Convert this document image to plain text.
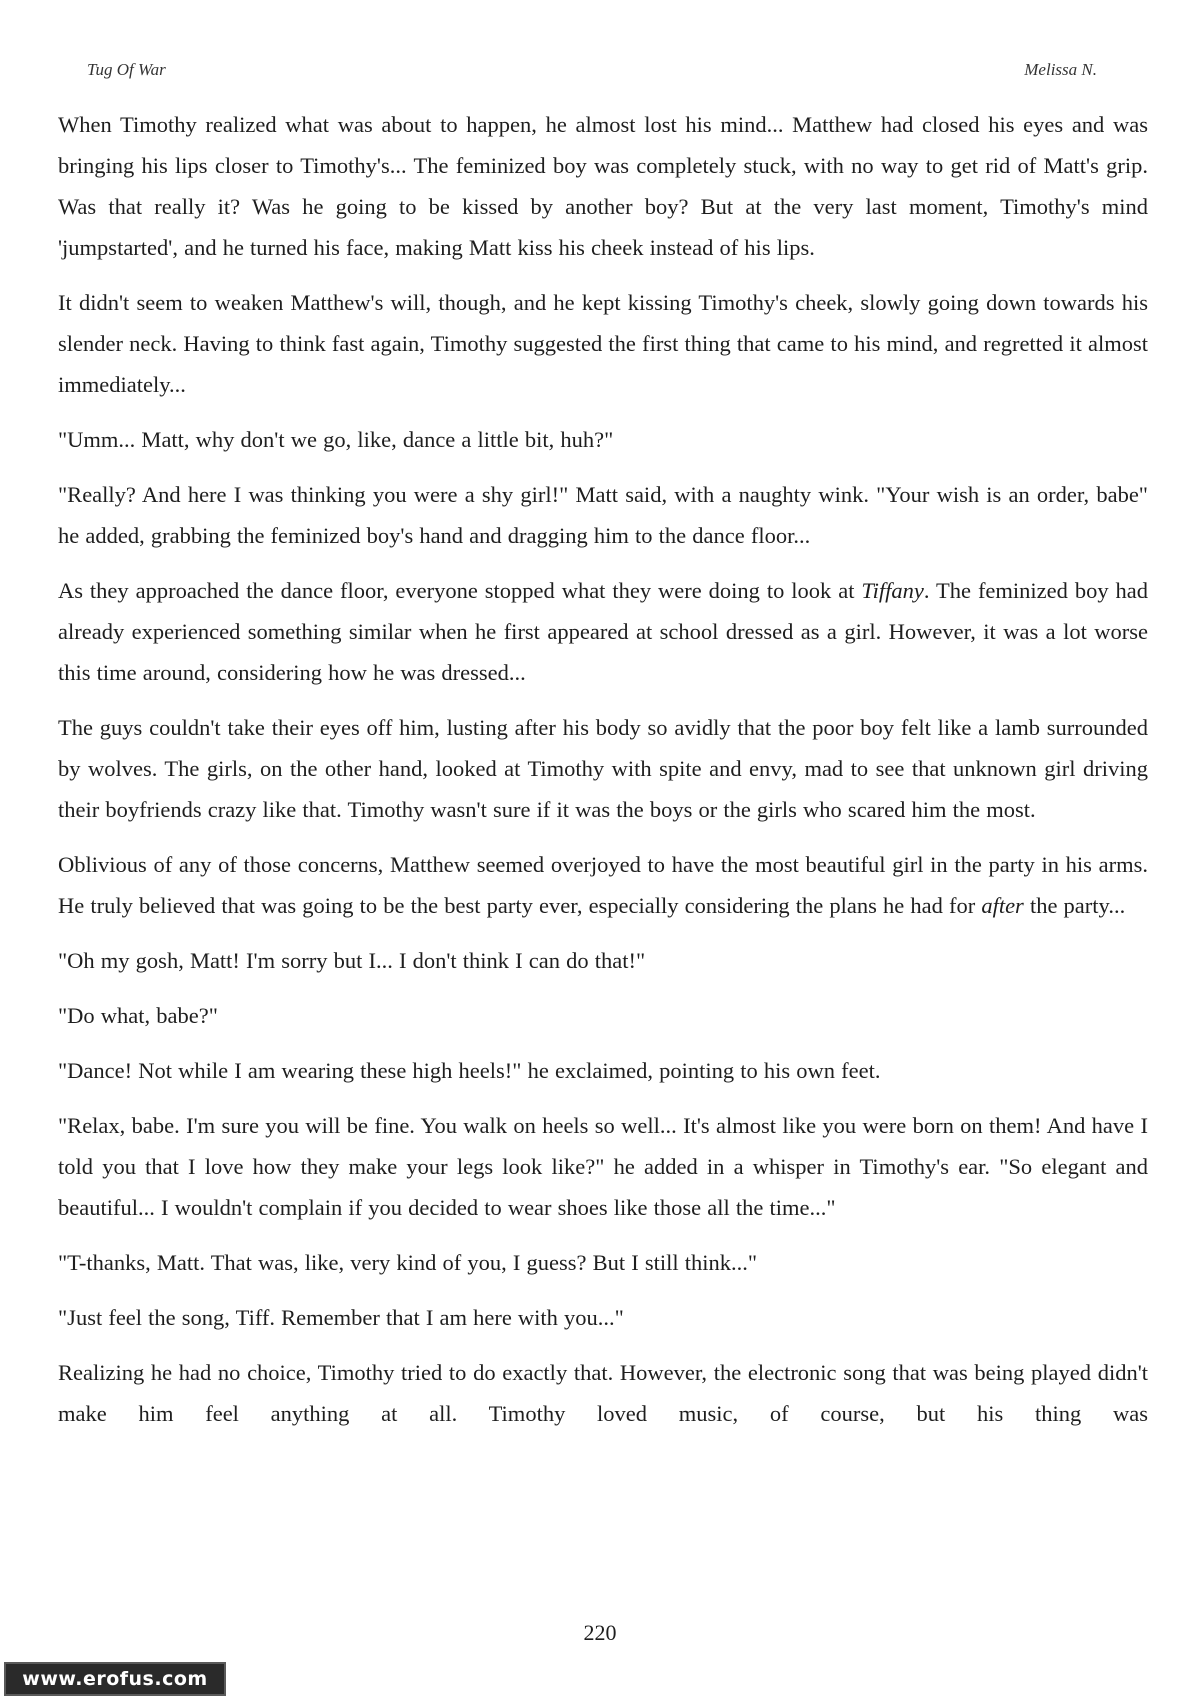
Tug Of War	Melissa N.

When Timothy realized what was about to happen, he almost lost his mind... Matthew had closed his eyes and was bringing his lips closer to Timothy's... The feminized boy was completely stuck, with no way to get rid of Matt's grip. Was that really it? Was he going to be kissed by another boy? But at the very last moment, Timothy's mind 'jumpstarted', and he turned his face, making Matt kiss his cheek instead of his lips.

It didn't seem to weaken Matthew's will, though, and he kept kissing Timothy's cheek, slowly going down towards his slender neck. Having to think fast again, Timothy suggested the first thing that came to his mind, and regretted it almost immediately...

"Umm... Matt, why don't we go, like, dance a little bit, huh?"

"Really? And here I was thinking you were a shy girl!" Matt said, with a naughty wink. "Your wish is an order, babe" he added, grabbing the feminized boy's hand and dragging him to the dance floor...

As they approached the dance floor, everyone stopped what they were doing to look at Tiffany. The feminized boy had already experienced something similar when he first appeared at school dressed as a girl. However, it was a lot worse this time around, considering how he was dressed...

The guys couldn't take their eyes off him, lusting after his body so avidly that the poor boy felt like a lamb surrounded by wolves. The girls, on the other hand, looked at Timothy with spite and envy, mad to see that unknown girl driving their boyfriends crazy like that. Timothy wasn't sure if it was the boys or the girls who scared him the most.

Oblivious of any of those concerns, Matthew seemed overjoyed to have the most beautiful girl in the party in his arms. He truly believed that was going to be the best party ever, especially considering the plans he had for after the party...

"Oh my gosh, Matt! I'm sorry but I... I don't think I can do that!"

"Do what, babe?"

"Dance! Not while I am wearing these high heels!" he exclaimed, pointing to his own feet.

"Relax, babe. I'm sure you will be fine. You walk on heels so well... It's almost like you were born on them! And have I told you that I love how they make your legs look like?" he added in a whisper in Timothy's ear. "So elegant and beautiful... I wouldn't complain if you decided to wear shoes like those all the time..."

"T-thanks, Matt. That was, like, very kind of you, I guess? But I still think..."

"Just feel the song, Tiff. Remember that I am here with you..."

Realizing he had no choice, Timothy tried to do exactly that. However, the electronic song that was being played didn't make him feel anything at all. Timothy loved music, of course, but his thing was

220
www.erofus.com
